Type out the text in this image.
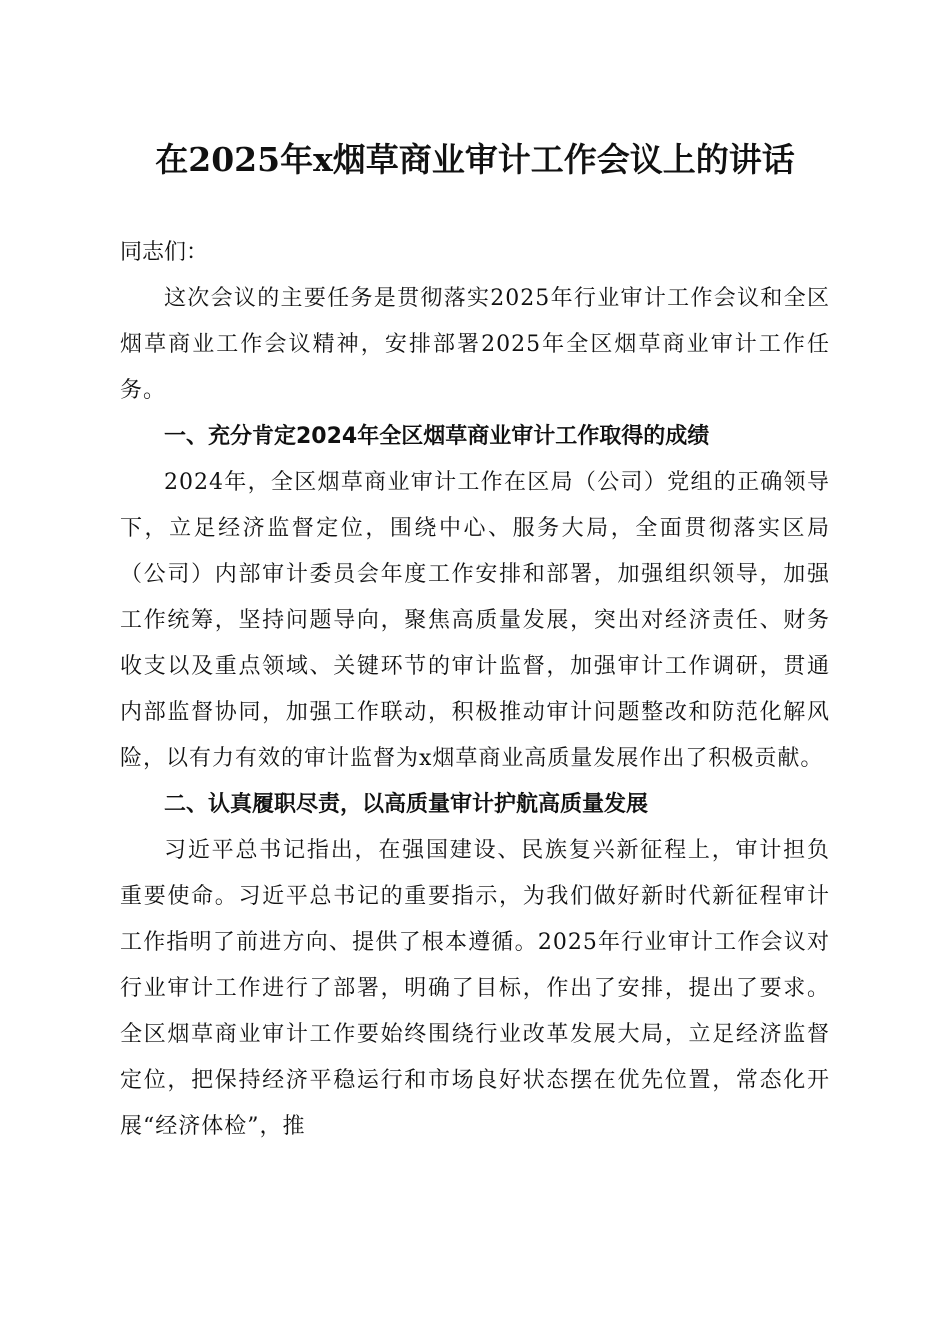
在2025年x烟草商业审计工作会议上的讲话

同志们：

这次会议的主要任务是贯彻落实2025年行业审计工作会议和全区烟草商业工作会议精神，安排部署2025年全区烟草商业审计工作任务。

一、充分肯定2024年全区烟草商业审计工作取得的成绩

2024年，全区烟草商业审计工作在区局（公司）党组的正确领导下，立足经济监督定位，围绕中心、服务大局，全面贯彻落实区局（公司）内部审计委员会年度工作安排和部署，加强组织领导，加强工作统筹，坚持问题导向，聚焦高质量发展，突出对经济责任、财务收支以及重点领域、关键环节的审计监督，加强审计工作调研，贯通内部监督协同，加强工作联动，积极推动审计问题整改和防范化解风险，以有力有效的审计监督为x烟草商业高质量发展作出了积极贡献。

二、认真履职尽责，以高质量审计护航高质量发展

习近平总书记指出，在强国建设、民族复兴新征程上，审计担负重要使命。习近平总书记的重要指示，为我们做好新时代新征程审计工作指明了前进方向、提供了根本遵循。2025年行业审计工作会议对行业审计工作进行了部署，明确了目标，作出了安排，提出了要求。全区烟草商业审计工作要始终围绕行业改革发展大局，立足经济监督定位，把保持经济平稳运行和市场良好状态摆在优先位置，常态化开展“经济体检”，推
